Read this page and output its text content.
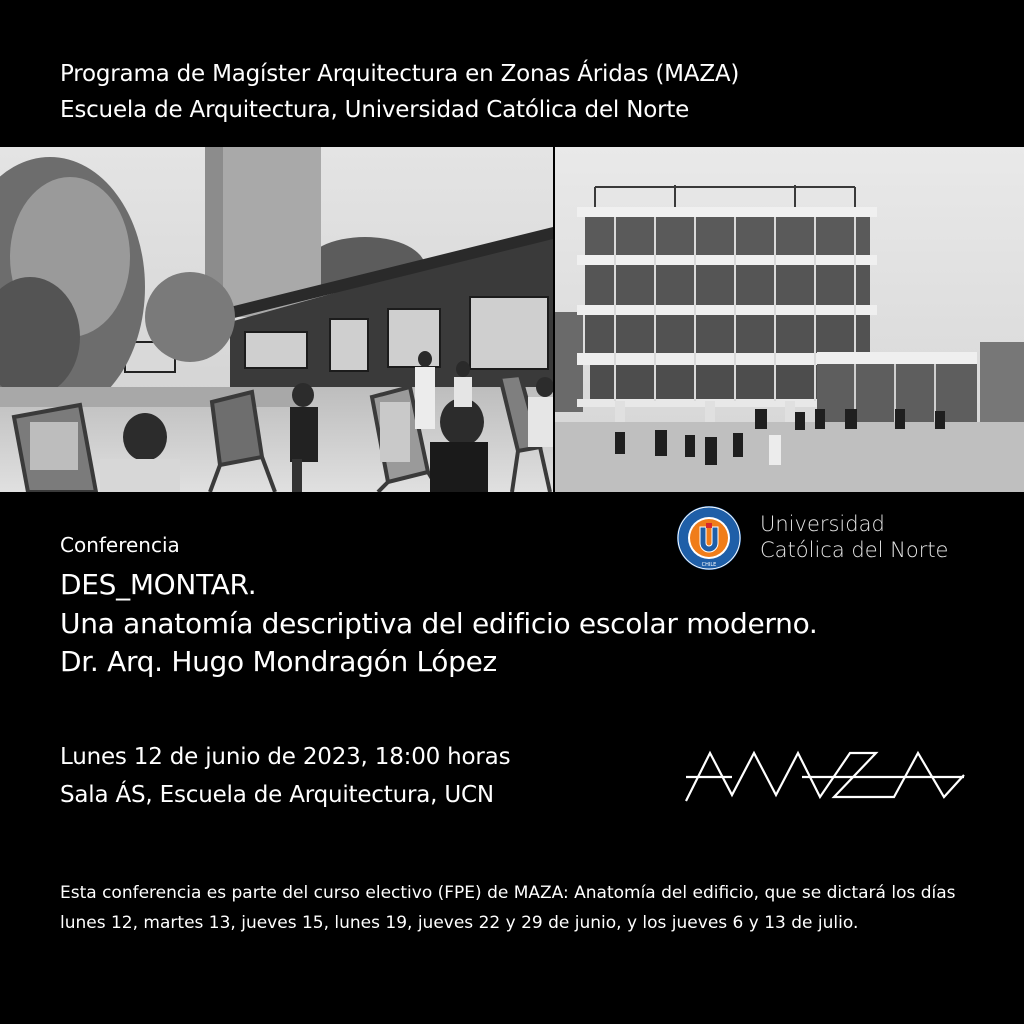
Programa de Magíster Arquitectura en Zonas Áridas (MAZA)
Escuela de Arquitectura, Universidad Católica del Norte
Conferencia
DES_MONTAR.
Una anatomía descriptiva del edificio escolar moderno.
Dr. Arq. Hugo Mondragón López
CHILE
Universidad
Católica del Norte
Lunes 12 de junio de 2023, 18:00 horas
Sala ÁS, Escuela de Arquitectura, UCN
Esta conferencia es parte del curso electivo (FPE) de MAZA: Anatomía del edificio, que se dictará los días lunes 12, martes 13, jueves 15, lunes 19, jueves 22 y 29 de junio, y los jueves 6 y 13 de julio.
